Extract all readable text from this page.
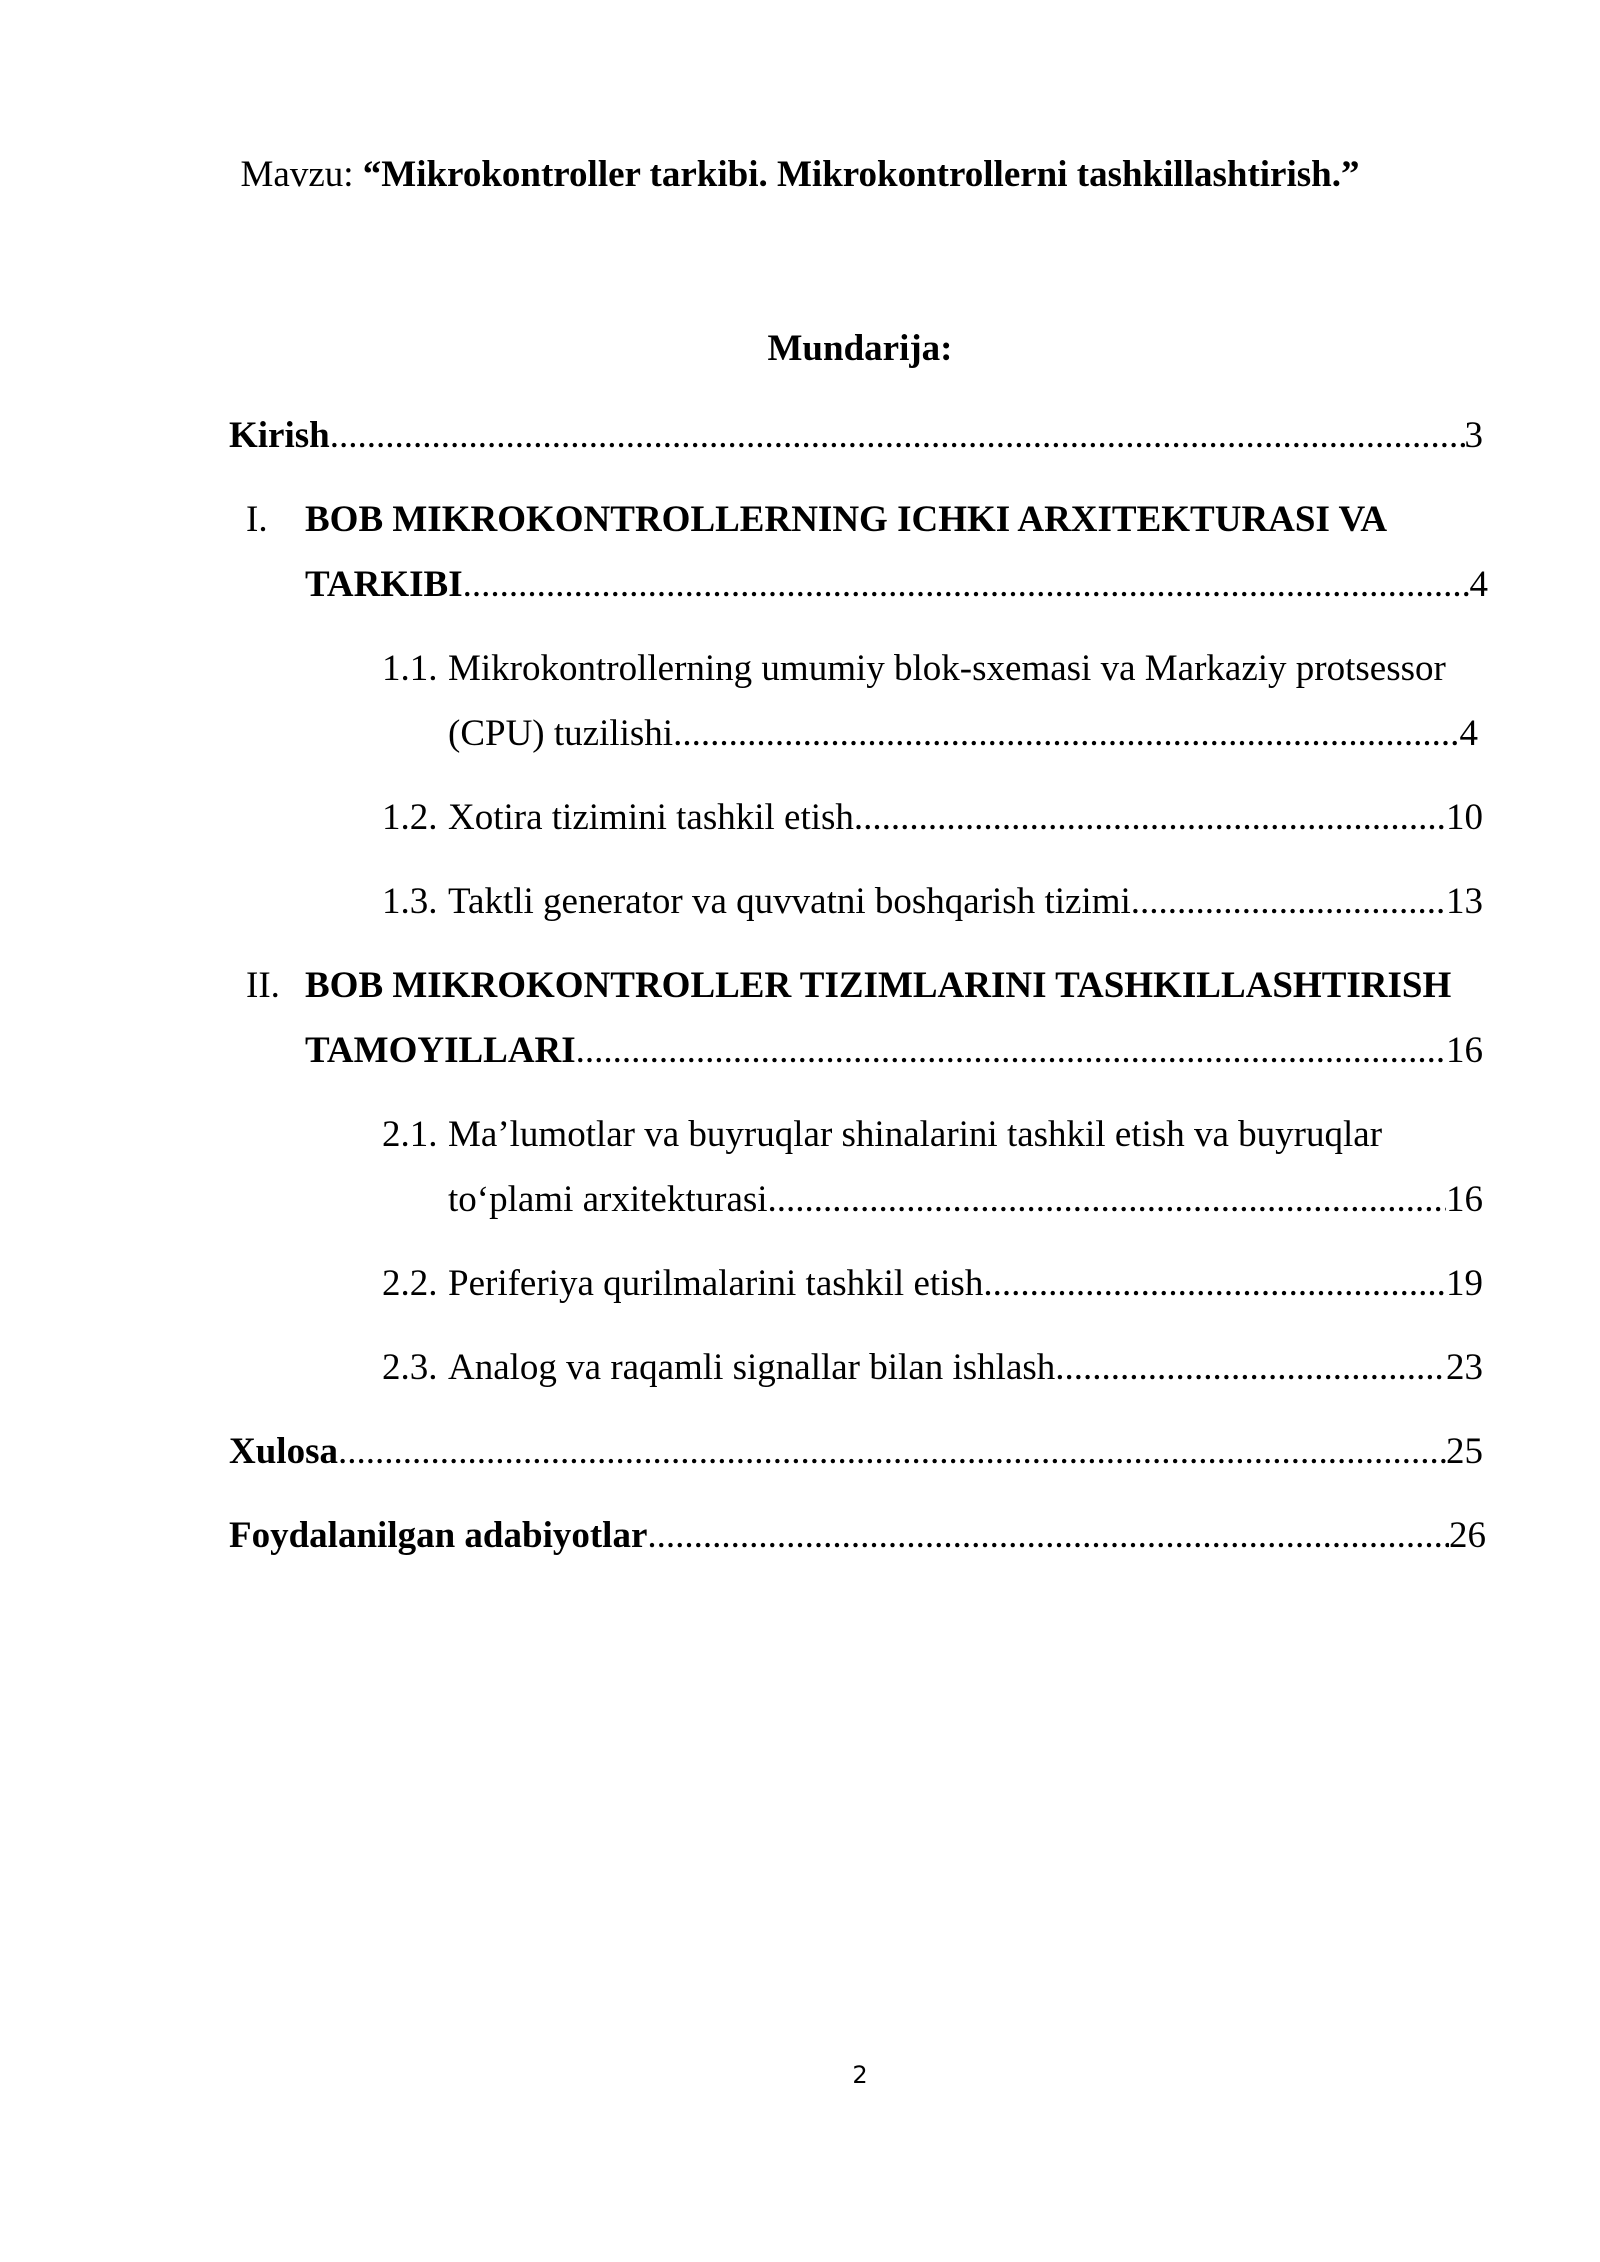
Mavzu: “Mikrokontroller tarkibi. Mikrokontrollerni tashkillashtirish.”
Mundarija:
Kirish .....	3
I. BOB MIKROKONTROLLERNING ICHKI ARXITEKTURASI VA
TARKIBI .....	4
1.1. Mikrokontrollerning umumiy blok-sxemasi va Markaziy protsessor
(CPU) tuzilishi .....	4
1.2. Xotira tizimini tashkil etish .....	10
1.3. Taktli generator va quvvatni boshqarish tizimi .....	13
II. BOB MIKROKONTROLLER TIZIMLARINI TASHKILLASHTIRISH
TAMOYILLARI .....	16
2.1. Ma’lumotlar va buyruqlar shinalarini tashkil etish va buyruqlar
to‘plami arxitekturasi .....	16
2.2. Periferiya qurilmalarini tashkil etish .....	19
2.3. Analog va raqamli signallar bilan ishlash .....	23
Xulosa .....	25
Foydalanilgan adabiyotlar .....	26
2
